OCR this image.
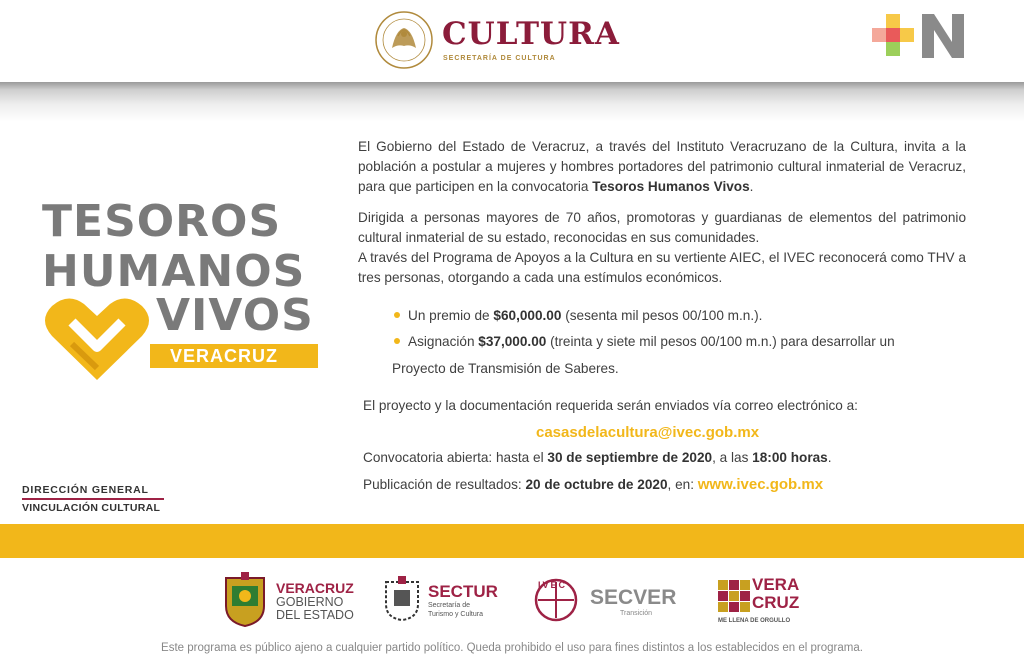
CULTURA
SECRETARÍA DE CULTURA
TESOROS
HUMANOS
VIVOS
VERACRUZ
DIRECCIÓN GENERAL
VINCULACIÓN CULTURAL

El Gobierno del Estado de Veracruz, a través del Instituto Veracruzano de la Cultura, invita a la población a postular a mujeres y hombres portadores del patrimonio cultural inmaterial de Veracruz, para que participen en la convocatoria Tesoros Humanos Vivos.

Dirigida a personas mayores de 70 años, promotoras y guardianas de elementos del patrimonio cultural inmaterial de su estado, reconocidas en sus comunidades.

A través del Programa de Apoyos a la Cultura en su vertiente AIEC, el IVEC reconocerá como THV a tres personas, otorgando a cada una estímulos económicos.

Un premio de $60,000.00 (sesenta mil pesos 00/100 m.n.).
Asignación $37,000.00 (treinta y siete mil pesos 00/100 m.n.) para desarrollar un
Proyecto de Transmisión de Saberes.
El proyecto y la documentación requerida serán enviados vía correo electrónico a:
casasdelacultura@ivec.gob.mx
Convocatoria abierta: hasta el 30 de septiembre de 2020, a las 18:00 horas.
Publicación de resultados: 20 de octubre de 2020, en: www.ivec.gob.mx
VERACRUZ
GOBIERNO
DEL ESTADO
SECTUR
Secretaría de
Turismo y Cultura
IVEC
SECVER
Transición
VERA
CRUZ
ME LLENA DE ORGULLO
Este programa es público ajeno a cualquier partido político. Queda prohibido el uso para fines distintos a los establecidos en el programa.
